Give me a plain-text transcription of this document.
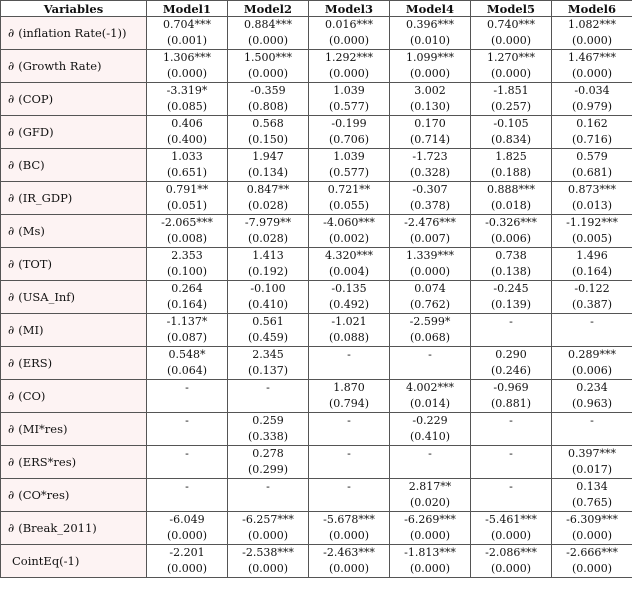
Variables	Model1	Model2	Model3	Model4	Model5	Model6
∂ (inflation Rate(-1))	0.704***	0.884***	0.016***	0.396***	0.740***	1.082***
	(0.001)	(0.000)	(0.000)	(0.010)	(0.000)	(0.000)
∂ (Growth Rate)	1.306***	1.500***	1.292***	1.099***	1.270***	1.467***
	(0.000)	(0.000)	(0.000)	(0.000)	(0.000)	(0.000)
∂ (COP)	-3.319*	-0.359	1.039	3.002	-1.851	-0.034
	(0.085)	(0.808)	(0.577)	(0.130)	(0.257)	(0.979)
∂ (GFD)	0.406	0.568	-0.199	0.170	-0.105	0.162
	(0.400)	(0.150)	(0.706)	(0.714)	(0.834)	(0.716)
∂ (BC)	1.033	1.947	1.039	-1.723	1.825	0.579
	(0.651)	(0.134)	(0.577)	(0.328)	(0.188)	(0.681)
∂ (IR_GDP)	0.791**	0.847**	0.721**	-0.307	0.888***	0.873***
	(0.051)	(0.028)	(0.055)	(0.378)	(0.018)	(0.013)
∂ (Ms)	-2.065***	-7.979**	-4.060***	-2.476***	-0.326***	-1.192***
	(0.008)	(0.028)	(0.002)	(0.007)	(0.006)	(0.005)
∂ (TOT)	2.353	1.413	4.320***	1.339***	0.738	1.496
	(0.100)	(0.192)	(0.004)	(0.000)	(0.138)	(0.164)
∂ (USA_Inf)	0.264	-0.100	-0.135	0.074	-0.245	-0.122
	(0.164)	(0.410)	(0.492)	(0.762)	(0.139)	(0.387)
∂ (MI)	-1.137*	0.561	-1.021	-2.599*	-	-
	(0.087)	(0.459)	(0.088)	(0.068)		
∂ (ERS)	0.548*	2.345	-	-	0.290	0.289***
	(0.064)	(0.137)			(0.246)	(0.006)
∂ (CO)	-	-	1.870	4.002***	-0.969	0.234
			(0.794)	(0.014)	(0.881)	(0.963)
∂ (MI*res)	-	0.259	-	-0.229	-	-
		(0.338)		(0.410)		
∂ (ERS*res)	-	0.278	-	-	-	0.397***
		(0.299)				(0.017)
∂ (CO*res)	-	-	-	2.817**	-	0.134
				(0.020)		(0.765)
∂ (Break_2011)	-6.049	-6.257***	-5.678***	-6.269***	-5.461***	-6.309***
	(0.000)	(0.000)	(0.000)	(0.000)	(0.000)	(0.000)
CointEq(-1)	-2.201	-2.538***	-2.463***	-1.813***	-2.086***	-2.666***
	(0.000)	(0.000)	(0.000)	(0.000)	(0.000)	(0.000)
